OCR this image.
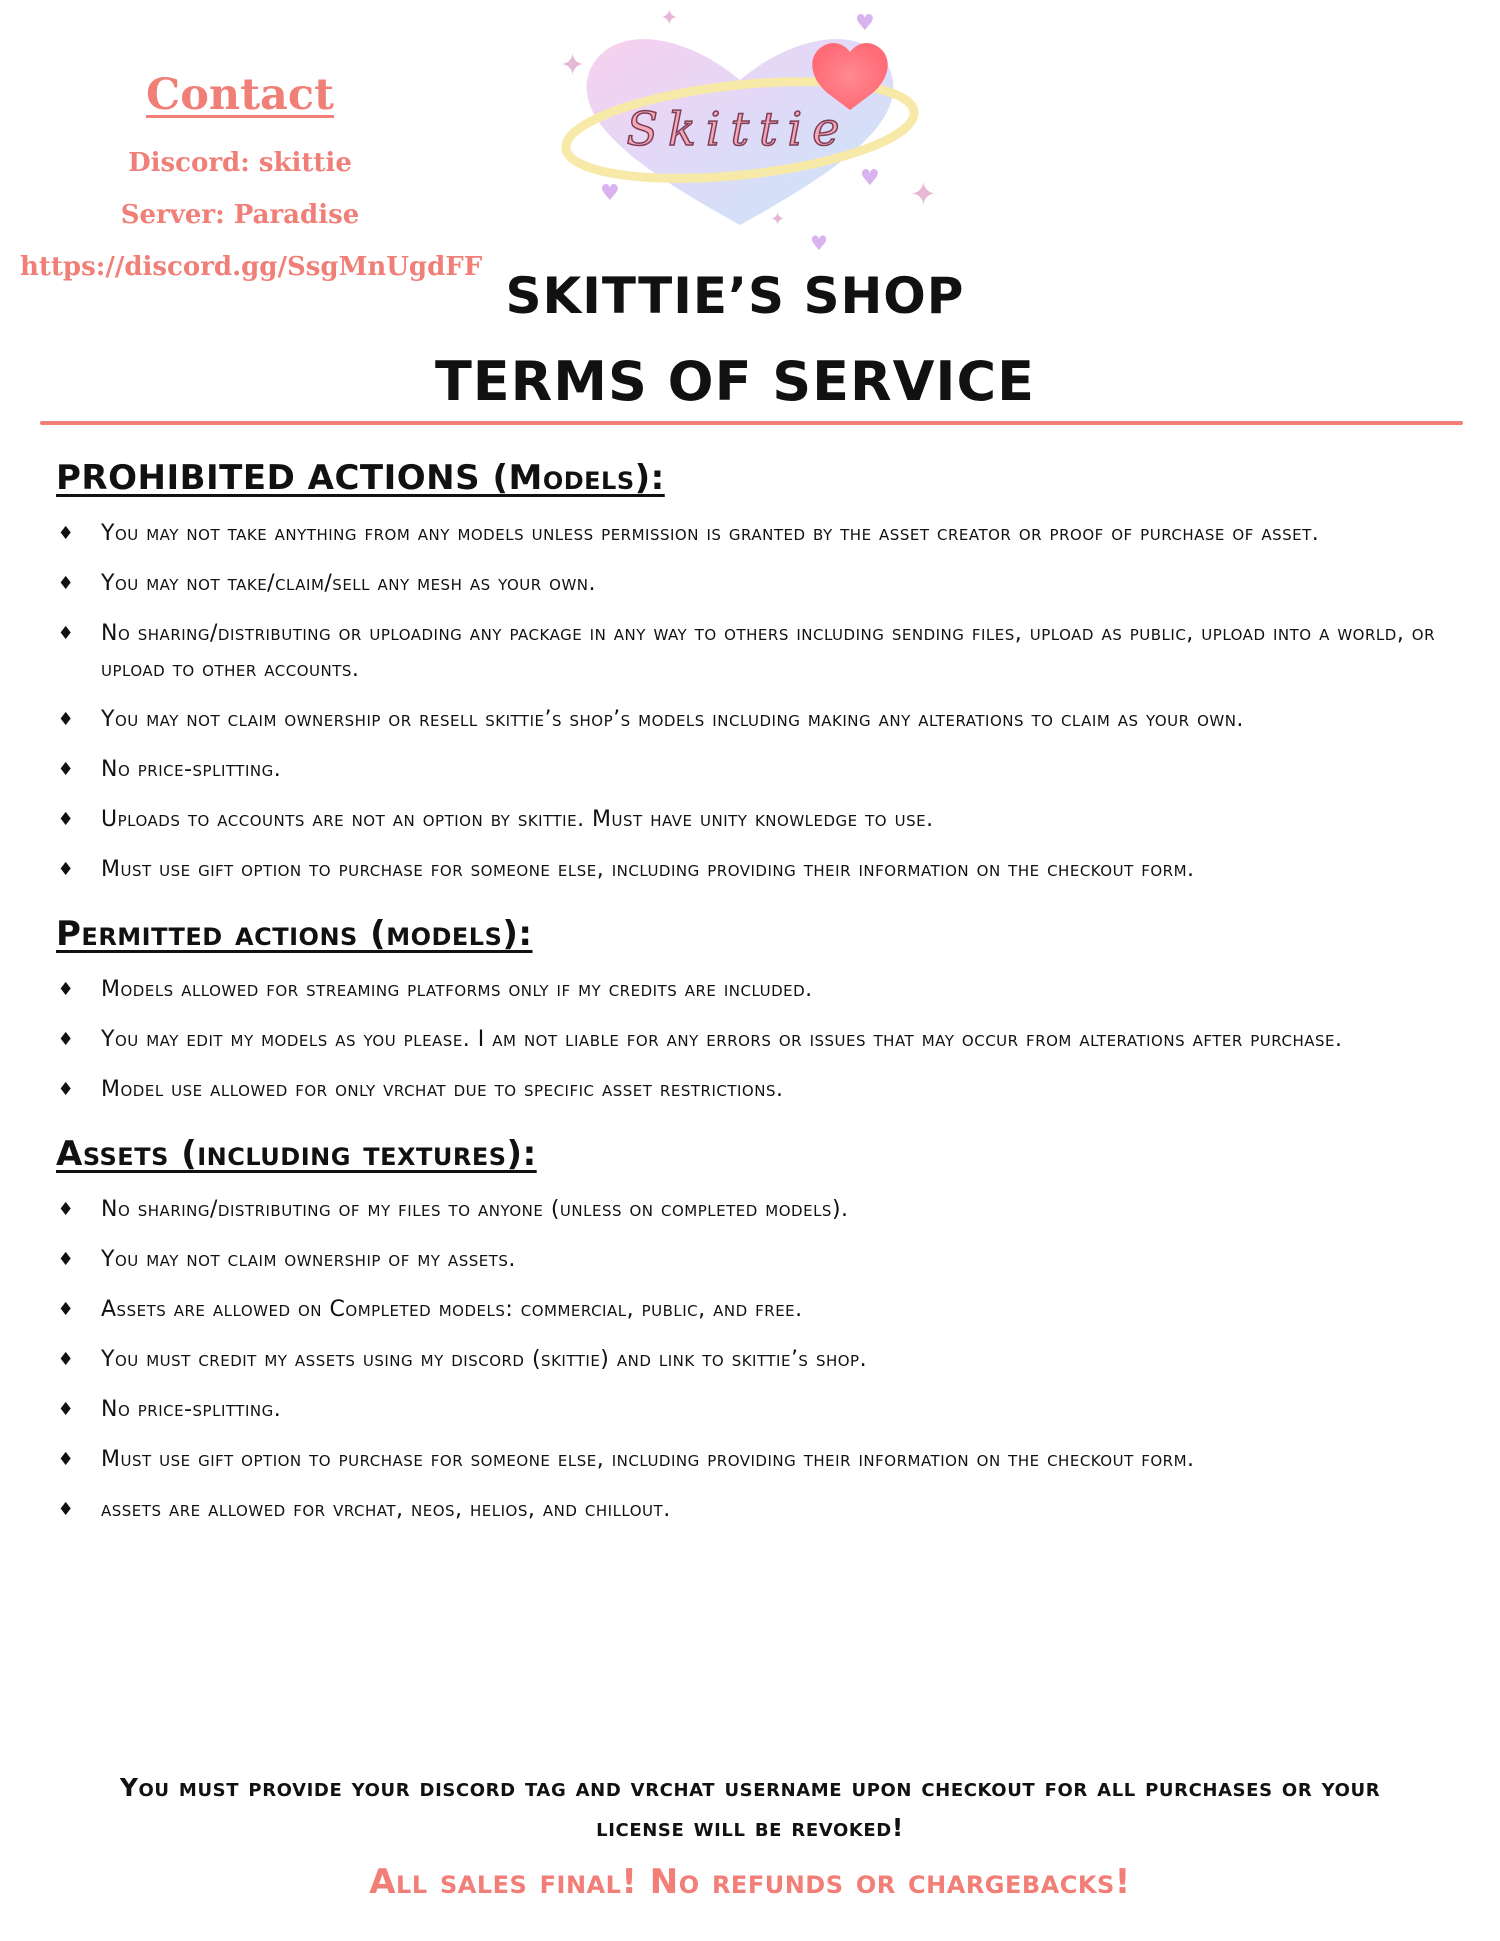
Contact

Discord: skittie
Server: Paradise
https://discord.gg/SsgMnUgdFF
Skittie
✦
✦
✦
✦
♥
♥
♥
♥

SKITTIE’S SHOP

TERMS OF SERVICE

PROHIBITED ACTIONS (Models):

♦ You may not take anything from any models unless permission is granted by the asset creator or proof of purchase of asset.
♦ You may not take/claim/sell any mesh as your own.
♦ No sharing/distributing or uploading any package in any way to others including sending files, upload as public, upload into a world, or upload to other accounts.
♦ You may not claim ownership or resell skittie’s shop’s models including making any alterations to claim as your own.
♦ No price-splitting.
♦ Uploads to accounts are not an option by skittie. Must have unity knowledge to use.
♦ Must use gift option to purchase for someone else, including providing their information on the checkout form.

Permitted actions (models):

♦ Models allowed for streaming platforms only if my credits are included.
♦ You may edit my models as you please. I am not liable for any errors or issues that may occur from alterations after purchase.
♦ Model use allowed for only vrchat due to specific asset restrictions.

Assets (including textures):

♦ No sharing/distributing of my files to anyone (unless on completed models).
♦ You may not claim ownership of my assets.
♦ Assets are allowed on Completed models: commercial, public, and free.
♦ You must credit my assets using my discord (skittie) and link to skittie’s shop.
♦ No price-splitting.
♦ Must use gift option to purchase for someone else, including providing their information on the checkout form.
♦ assets are allowed for vrchat, neos, helios, and chillout.
You must provide your discord tag and vrchat username upon checkout for all purchases or your license will be revoked!
All sales final! No refunds or chargebacks!
